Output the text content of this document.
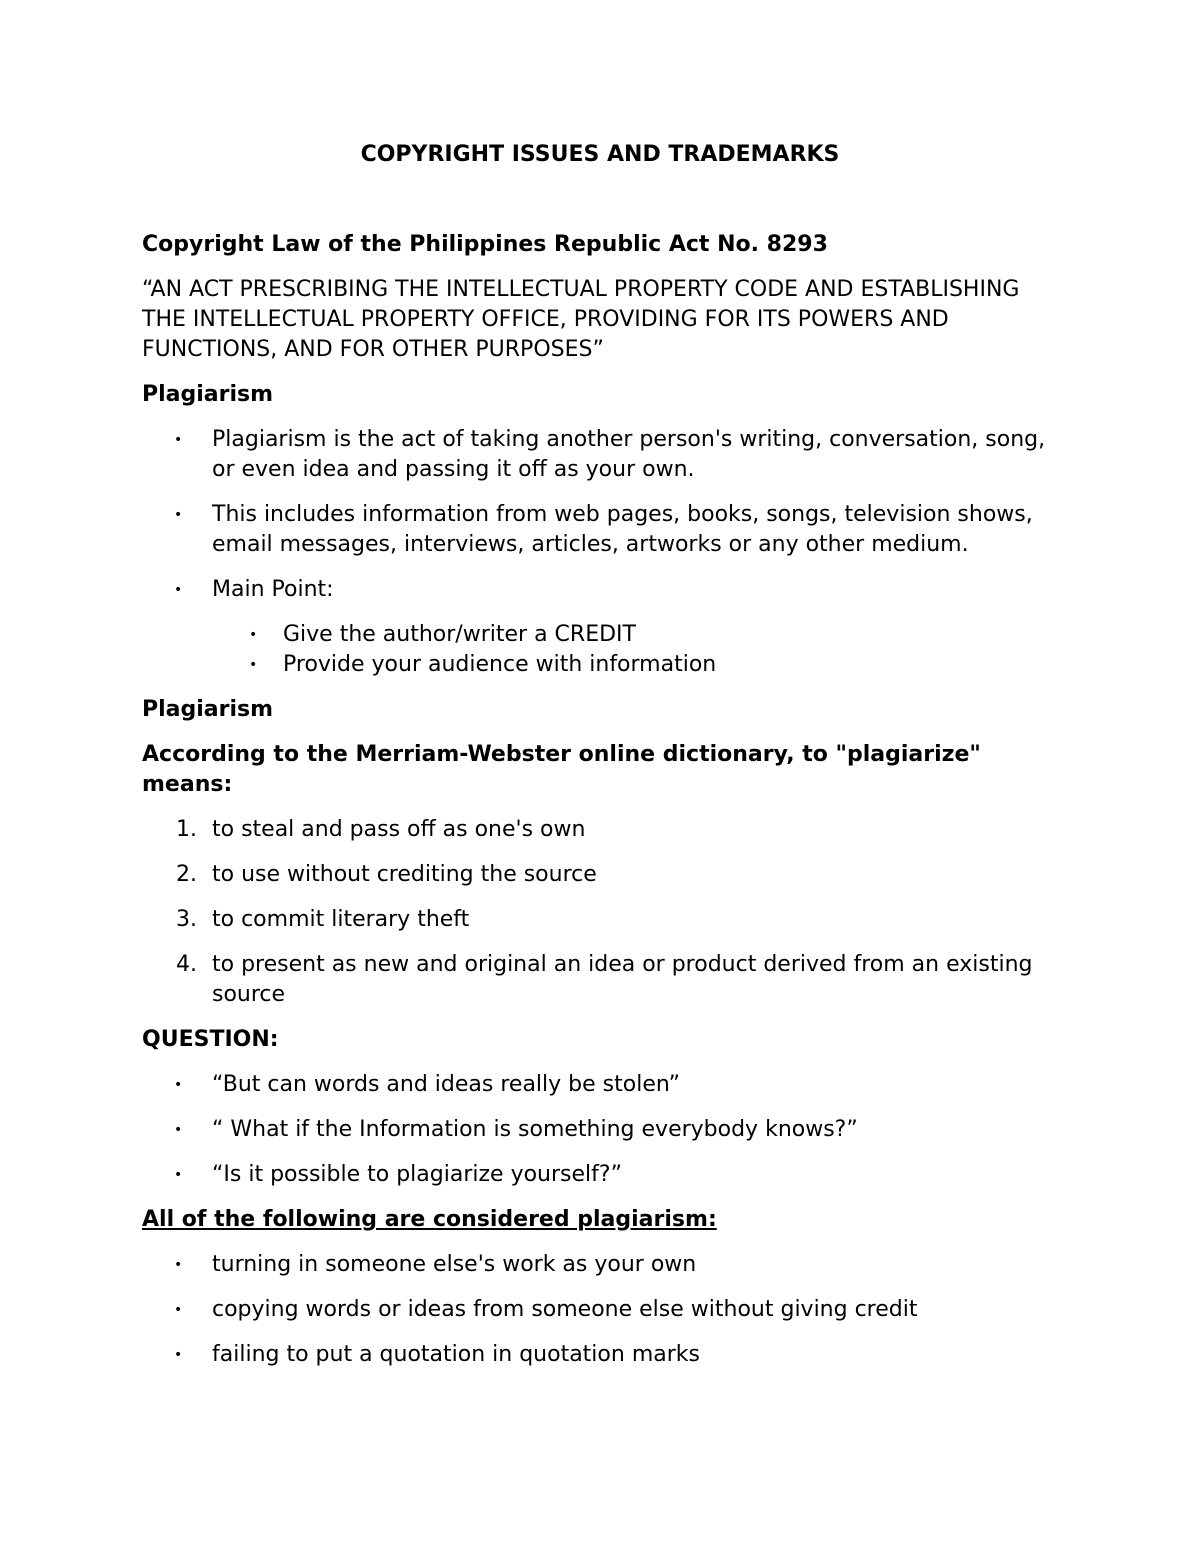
COPYRIGHT ISSUES AND TRADEMARKS

Copyright Law of the Philippines Republic Act No. 8293

“AN ACT PRESCRIBING THE INTELLECTUAL PROPERTY CODE AND ESTABLISHING THE INTELLECTUAL PROPERTY OFFICE, PROVIDING FOR ITS POWERS AND FUNCTIONS, AND FOR OTHER PURPOSES”

Plagiarism

• Plagiarism is the act of taking another person's writing, conversation, song, or even idea and passing it off as your own.
• This includes information from web pages, books, songs, television shows, email messages, interviews, articles, artworks or any other medium.
• Main Point:
• Give the author/writer a CREDIT
• Provide your audience with information

Plagiarism

According to the Merriam-Webster online dictionary, to "plagiarize" means:

1. to steal and pass off as one's own
2. to use without crediting the source
3. to commit literary theft
4. to present as new and original an idea or product derived from an existing source

QUESTION:

• “But can words and ideas really be stolen”
• “ What if the Information is something everybody knows?”
• “Is it possible to plagiarize yourself?”

All of the following are considered plagiarism:

• turning in someone else's work as your own
• copying words or ideas from someone else without giving credit
• failing to put a quotation in quotation marks
